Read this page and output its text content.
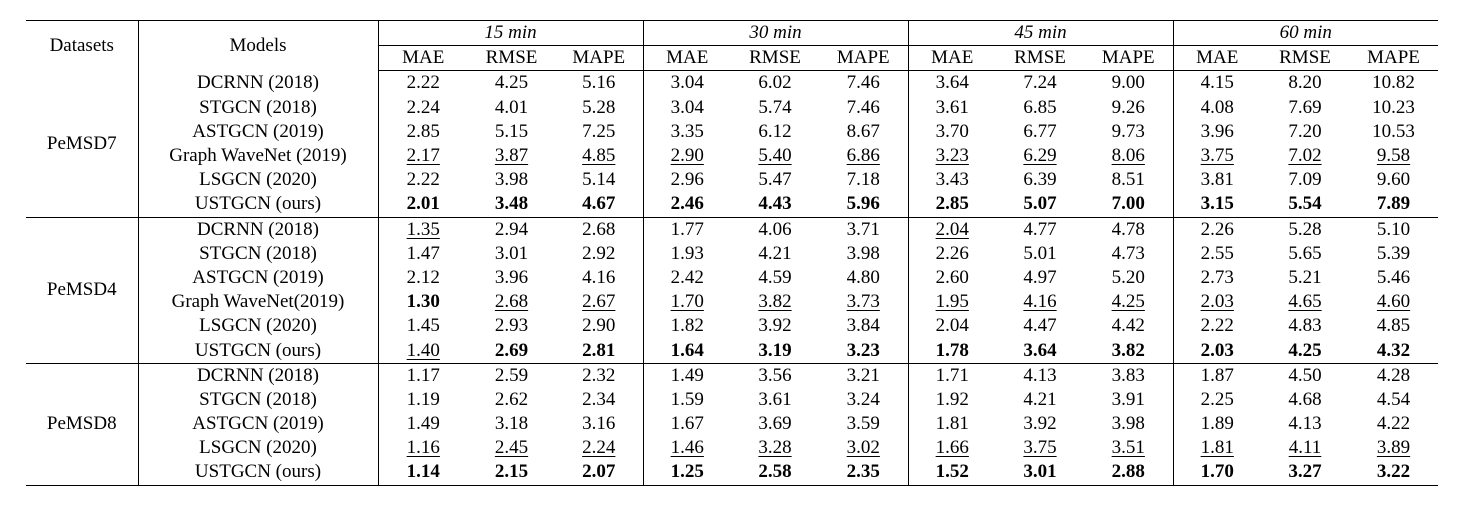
Datasets	Models	15 min			30 min			45 min			60 min		
		MAE	RMSE	MAPE	MAE	RMSE	MAPE	MAE	RMSE	MAPE	MAE	RMSE	MAPE
PeMSD7	DCRNN (2018)	2.22	4.25	5.16	3.04	6.02	7.46	3.64	7.24	9.00	4.15	8.20	10.82
	STGCN (2018)	2.24	4.01	5.28	3.04	5.74	7.46	3.61	6.85	9.26	4.08	7.69	10.23
	ASTGCN (2019)	2.85	5.15	7.25	3.35	6.12	8.67	3.70	6.77	9.73	3.96	7.20	10.53
	Graph WaveNet (2019)	2.17	3.87	4.85	2.90	5.40	6.86	3.23	6.29	8.06	3.75	7.02	9.58
	LSGCN (2020)	2.22	3.98	5.14	2.96	5.47	7.18	3.43	6.39	8.51	3.81	7.09	9.60
	USTGCN (ours)	2.01	3.48	4.67	2.46	4.43	5.96	2.85	5.07	7.00	3.15	5.54	7.89
PeMSD4	DCRNN (2018)	1.35	2.94	2.68	1.77	4.06	3.71	2.04	4.77	4.78	2.26	5.28	5.10
	STGCN (2018)	1.47	3.01	2.92	1.93	4.21	3.98	2.26	5.01	4.73	2.55	5.65	5.39
	ASTGCN (2019)	2.12	3.96	4.16	2.42	4.59	4.80	2.60	4.97	5.20	2.73	5.21	5.46
	Graph WaveNet(2019)	1.30	2.68	2.67	1.70	3.82	3.73	1.95	4.16	4.25	2.03	4.65	4.60
	LSGCN (2020)	1.45	2.93	2.90	1.82	3.92	3.84	2.04	4.47	4.42	2.22	4.83	4.85
	USTGCN (ours)	1.40	2.69	2.81	1.64	3.19	3.23	1.78	3.64	3.82	2.03	4.25	4.32
PeMSD8	DCRNN (2018)	1.17	2.59	2.32	1.49	3.56	3.21	1.71	4.13	3.83	1.87	4.50	4.28
	STGCN (2018)	1.19	2.62	2.34	1.59	3.61	3.24	1.92	4.21	3.91	2.25	4.68	4.54
	ASTGCN (2019)	1.49	3.18	3.16	1.67	3.69	3.59	1.81	3.92	3.98	1.89	4.13	4.22
	LSGCN (2020)	1.16	2.45	2.24	1.46	3.28	3.02	1.66	3.75	3.51	1.81	4.11	3.89
	USTGCN (ours)	1.14	2.15	2.07	1.25	2.58	2.35	1.52	3.01	2.88	1.70	3.27	3.22
